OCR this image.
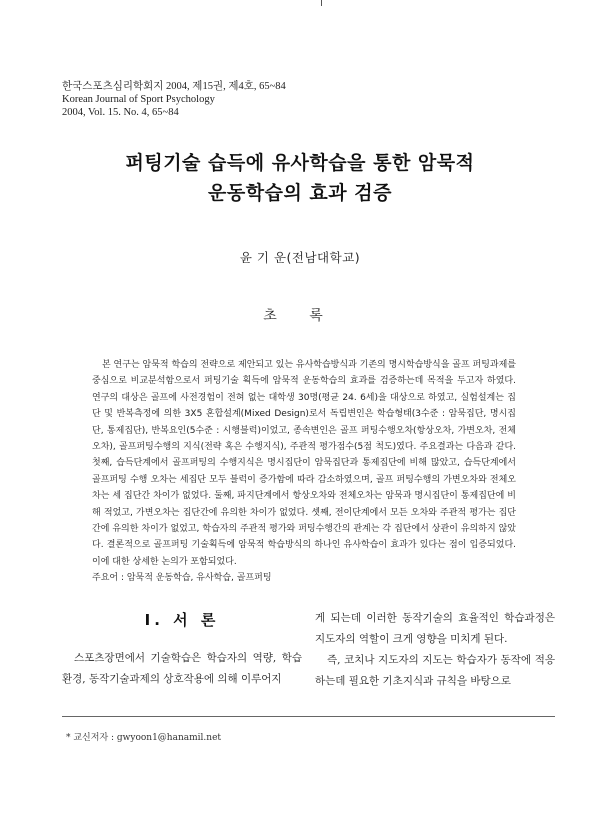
한국스포츠심리학회지 2004, 제15권, 제4호, 65~84
Korean Journal of Sport Psychology
2004, Vol. 15. No. 4, 65~84
퍼팅기술 습득에 유사학습을 통한 암묵적
운동학습의 효과 검증
윤 기 운(전남대학교)
초 록

본 연구는 암묵적 학습의 전략으로 제안되고 있는 유사학습방식과 기존의 명시학습방식을 골프 퍼팅과제를 중심으로 비교분석함으로서 퍼팅기술 획득에 암묵적 운동학습의 효과를 검증하는데 목적을 두고자 하였다. 연구의 대상은 골프에 사전경험이 전혀 없는 대학생 30명(평균 24. 6세)을 대상으로 하였고, 실험설계는 집단 및 반복측정에 의한 3X5 혼합설계(Mixed Design)로서 독립변인은 학습형태(3수준 : 암묵집단, 명시집단, 통제집단), 반복요인(5수준 : 시행블럭)이었고, 종속변인은 골프 퍼팅수행오차(항상오차, 가변오차, 전체오차), 골프퍼팅수행의 지식(전략 혹은 수행지식), 주관적 평가점수(5점 척도)였다. 주요결과는 다음과 같다. 첫째, 습득단계에서 골프퍼팅의 수행지식은 명시집단이 암묵집단과 통제집단에 비해 많았고, 습득단계에서 골프퍼팅 수행 오차는 세집단 모두 블럭이 증가함에 따라 감소하였으며, 골프 퍼팅수행의 가변오차와 전체오차는 세 집단간 차이가 없었다. 둘째, 파지단계에서 항상오차와 전체오차는 암묵과 명시집단이 통제집단에 비해 적었고, 가변오차는 집단간에 유의한 차이가 없었다. 셋째, 전이단계에서 모든 오차와 주관적 평가는 집단간에 유의한 차이가 없었고, 학습자의 주관적 평가와 퍼팅수행간의 관계는 각 집단에서 상관이 유의하지 않았다. 결론적으로 골프퍼팅 기술획득에 암묵적 학습방식의 하나인 유사학습이 효과가 있다는 점이 입증되었다. 이에 대한 상세한 논의가 포함되었다.

주요어 : 암묵적 운동학습, 유사학습, 골프퍼팅
Ⅰ. 서 론

스포츠장면에서 기술학습은 학습자의 역량, 학습환경, 동작기술과제의 상호작용에 의해 이루어지

게 되는데 이러한 동작기술의 효율적인 학습과정은 지도자의 역할이 크게 영향을 미치게 된다.

즉, 코치나 지도자의 지도는 학습자가 동작에 적응하는데 필요한 기초지식과 규칙을 바탕으로

* 교신저자 : gwyoon1@hanamil.net
